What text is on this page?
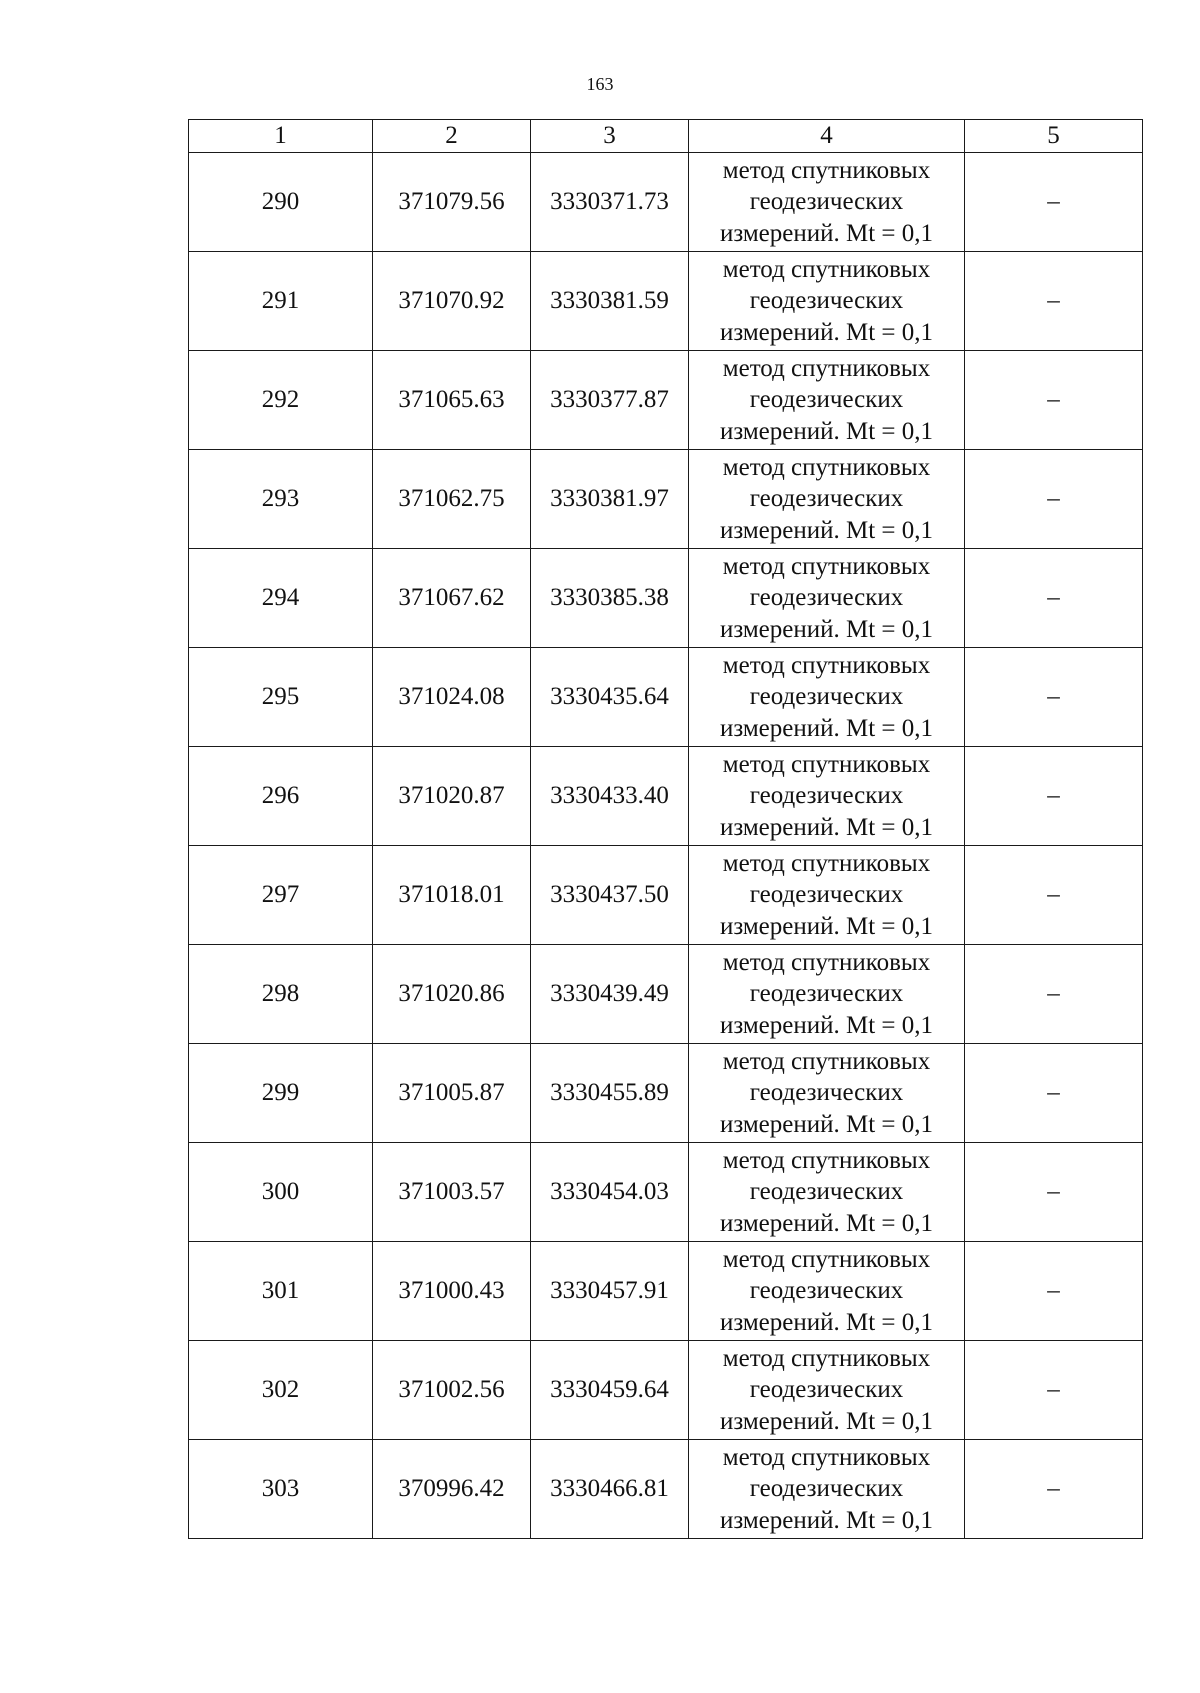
163
1	2	3	4	5
290	371079.56	3330371.73	метод спутниковых
геодезических
измерений. Mt = 0,1	–
291	371070.92	3330381.59	метод спутниковых
геодезических
измерений. Mt = 0,1	–
292	371065.63	3330377.87	метод спутниковых
геодезических
измерений. Mt = 0,1	–
293	371062.75	3330381.97	метод спутниковых
геодезических
измерений. Mt = 0,1	–
294	371067.62	3330385.38	метод спутниковых
геодезических
измерений. Mt = 0,1	–
295	371024.08	3330435.64	метод спутниковых
геодезических
измерений. Mt = 0,1	–
296	371020.87	3330433.40	метод спутниковых
геодезических
измерений. Mt = 0,1	–
297	371018.01	3330437.50	метод спутниковых
геодезических
измерений. Mt = 0,1	–
298	371020.86	3330439.49	метод спутниковых
геодезических
измерений. Mt = 0,1	–
299	371005.87	3330455.89	метод спутниковых
геодезических
измерений. Mt = 0,1	–
300	371003.57	3330454.03	метод спутниковых
геодезических
измерений. Mt = 0,1	–
301	371000.43	3330457.91	метод спутниковых
геодезических
измерений. Mt = 0,1	–
302	371002.56	3330459.64	метод спутниковых
геодезических
измерений. Mt = 0,1	–
303	370996.42	3330466.81	метод спутниковых
геодезических
измерений. Mt = 0,1	–
